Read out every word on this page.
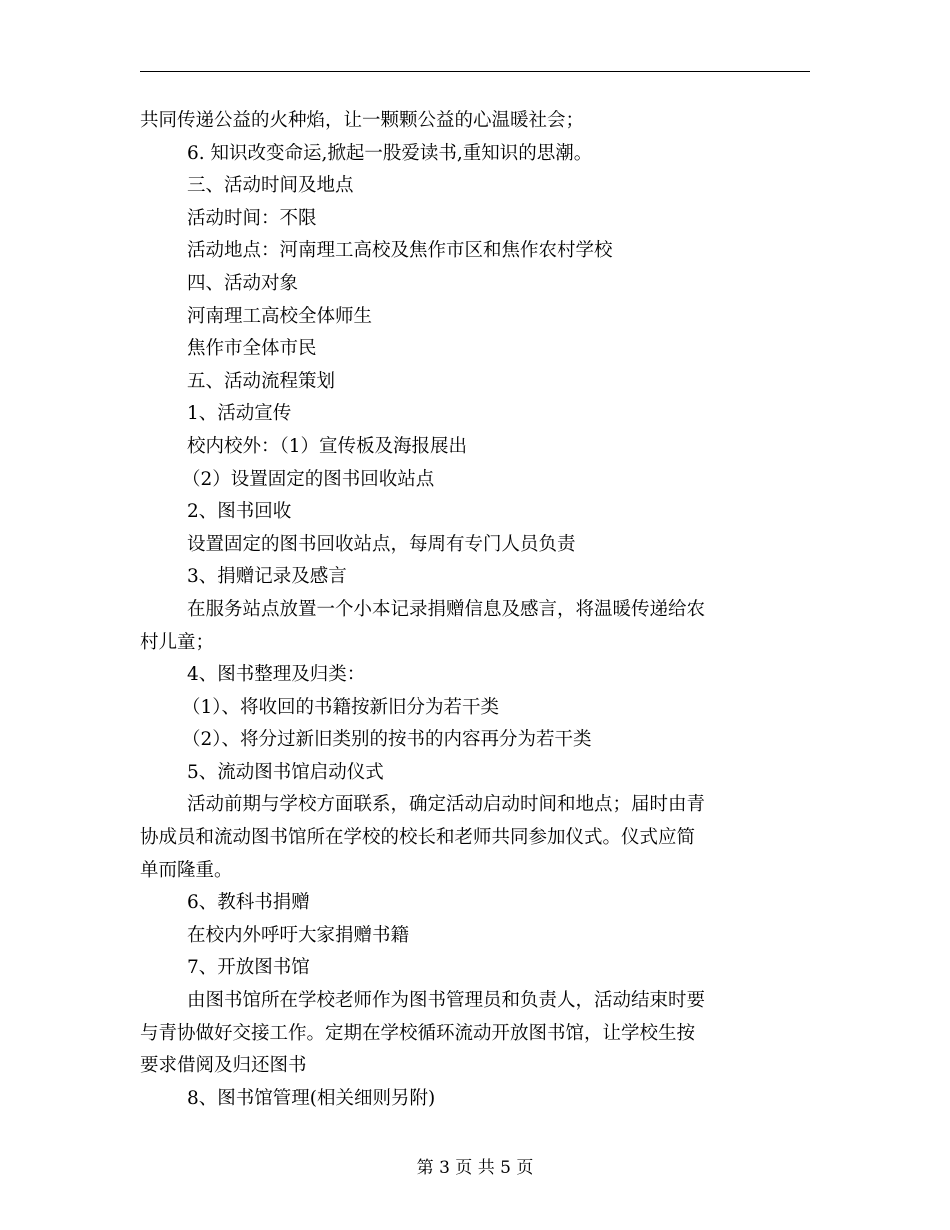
共同传递公益的火种焰，让一颗颗公益的心温暖社会；
6. 知识改变命运,掀起一股爱读书,重知识的思潮。
三、活动时间及地点
活动时间：不限
活动地点：河南理工高校及焦作市区和焦作农村学校
四、活动对象
河南理工高校全体师生
焦作市全体市民
五、活动流程策划
1、活动宣传
校内校外：（1）宣传板及海报展出
（2）设置固定的图书回收站点
2、图书回收
设置固定的图书回收站点，每周有专门人员负责
3、捐赠记录及感言
在服务站点放置一个小本记录捐赠信息及感言，将温暖传递给农
村儿童；
4、图书整理及归类：
（1）、将收回的书籍按新旧分为若干类
（2）、将分过新旧类别的按书的内容再分为若干类
5、流动图书馆启动仪式
活动前期与学校方面联系，确定活动启动时间和地点；届时由青
协成员和流动图书馆所在学校的校长和老师共同参加仪式。仪式应简
单而隆重。
6、教科书捐赠
在校内外呼吁大家捐赠书籍
7、开放图书馆
由图书馆所在学校老师作为图书管理员和负责人，活动结束时要
与青协做好交接工作。定期在学校循环流动开放图书馆，让学校生按
要求借阅及归还图书
8、图书馆管理(相关细则另附)
第 3 页 共 5 页
